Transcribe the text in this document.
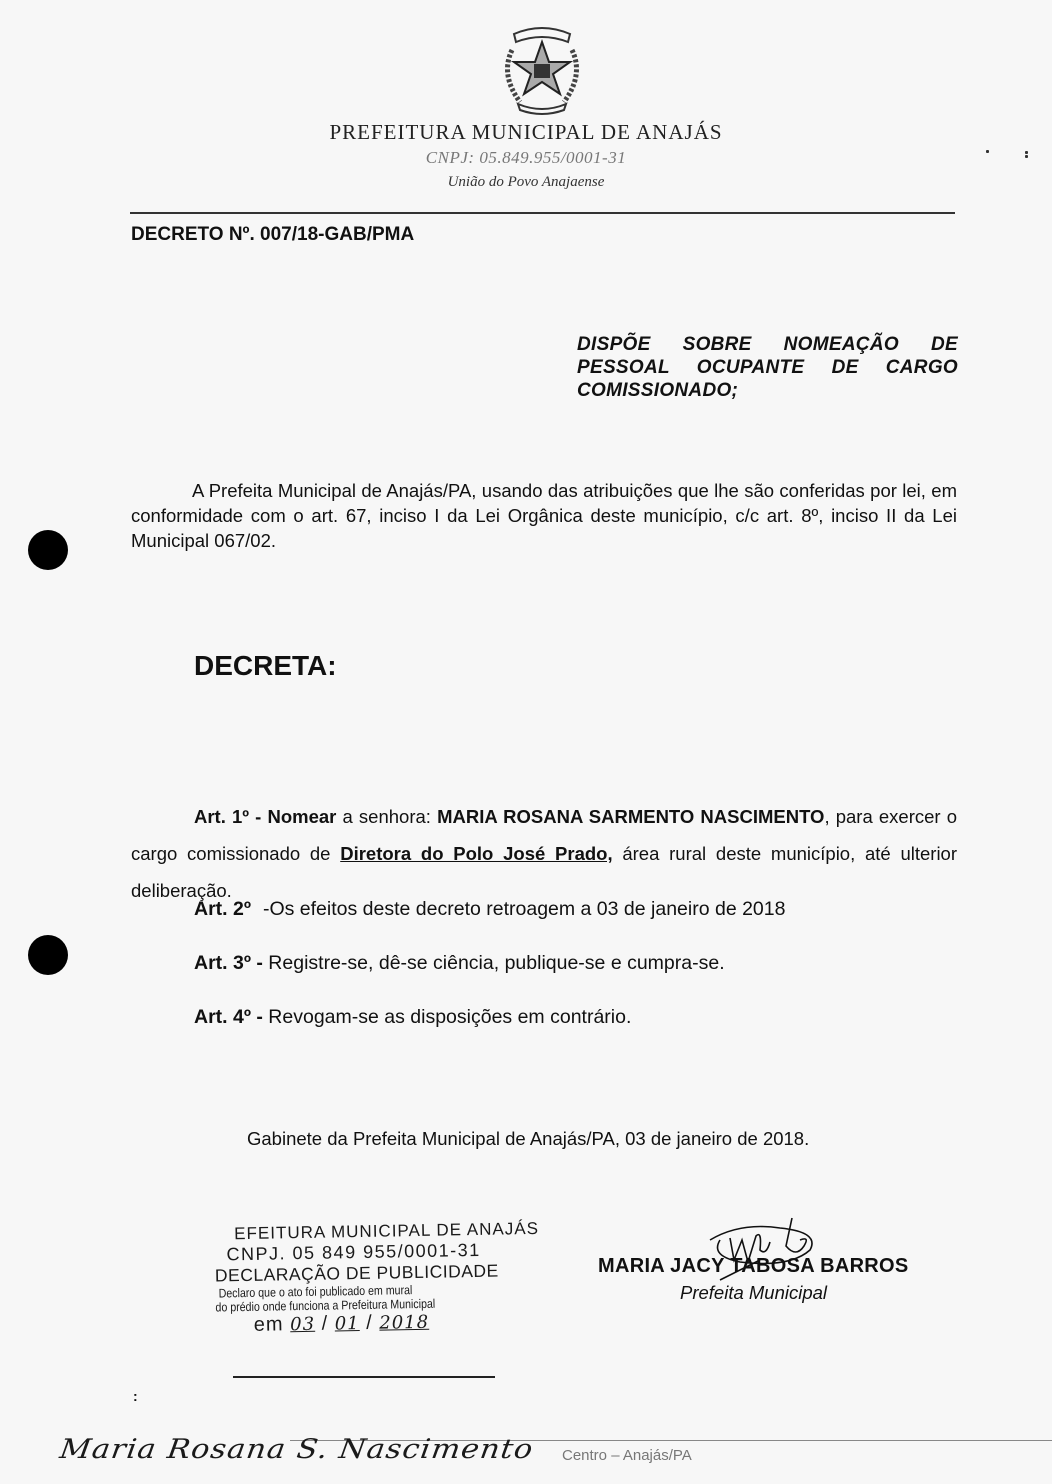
PREFEITURA MUNICIPAL DE ANAJÁS
CNPJ: 05.849.955/0001-31
União do Povo Anajaense
DECRETO Nº. 007/18-GAB/PMA
DISPÕE SOBRE NOMEAÇÃO DE PESSOAL OCUPANTE DE CARGO COMISSIONADO;
A Prefeita Municipal de Anajás/PA, usando das atribuições que lhe são conferidas por lei, em conformidade com o art. 67, inciso I da Lei Orgânica deste município, c/c art. 8º, inciso II da Lei Municipal 067/02.
DECRETA:
Art. 1º - Nomear a senhora: MARIA ROSANA SARMENTO NASCIMENTO, para exercer o cargo comissionado de Diretora do Polo José Prado, área rural deste município, até ulterior deliberação.
Art. 2º -Os efeitos deste decreto retroagem a 03 de janeiro de 2018
Art. 3º - Registre-se, dê-se ciência, publique-se e cumpra-se.
Art. 4º - Revogam-se as disposições em contrário.
Gabinete da Prefeita Municipal de Anajás/PA, 03 de janeiro de 2018.
EFEITURA MUNICIPAL DE ANAJÁS
CNPJ. 05 849 955/0001-31
DECLARAÇÃO DE PUBLICIDADE
Declaro que o ato foi publicado em mural
do prédio onde funciona a Prefeitura Municipal
em 03 / 01 / 2018
MARIA JACY TABOSA BARROS
Prefeita Municipal
:
Centro – Anajás/PA
Maria Rosana S. Nascimento
